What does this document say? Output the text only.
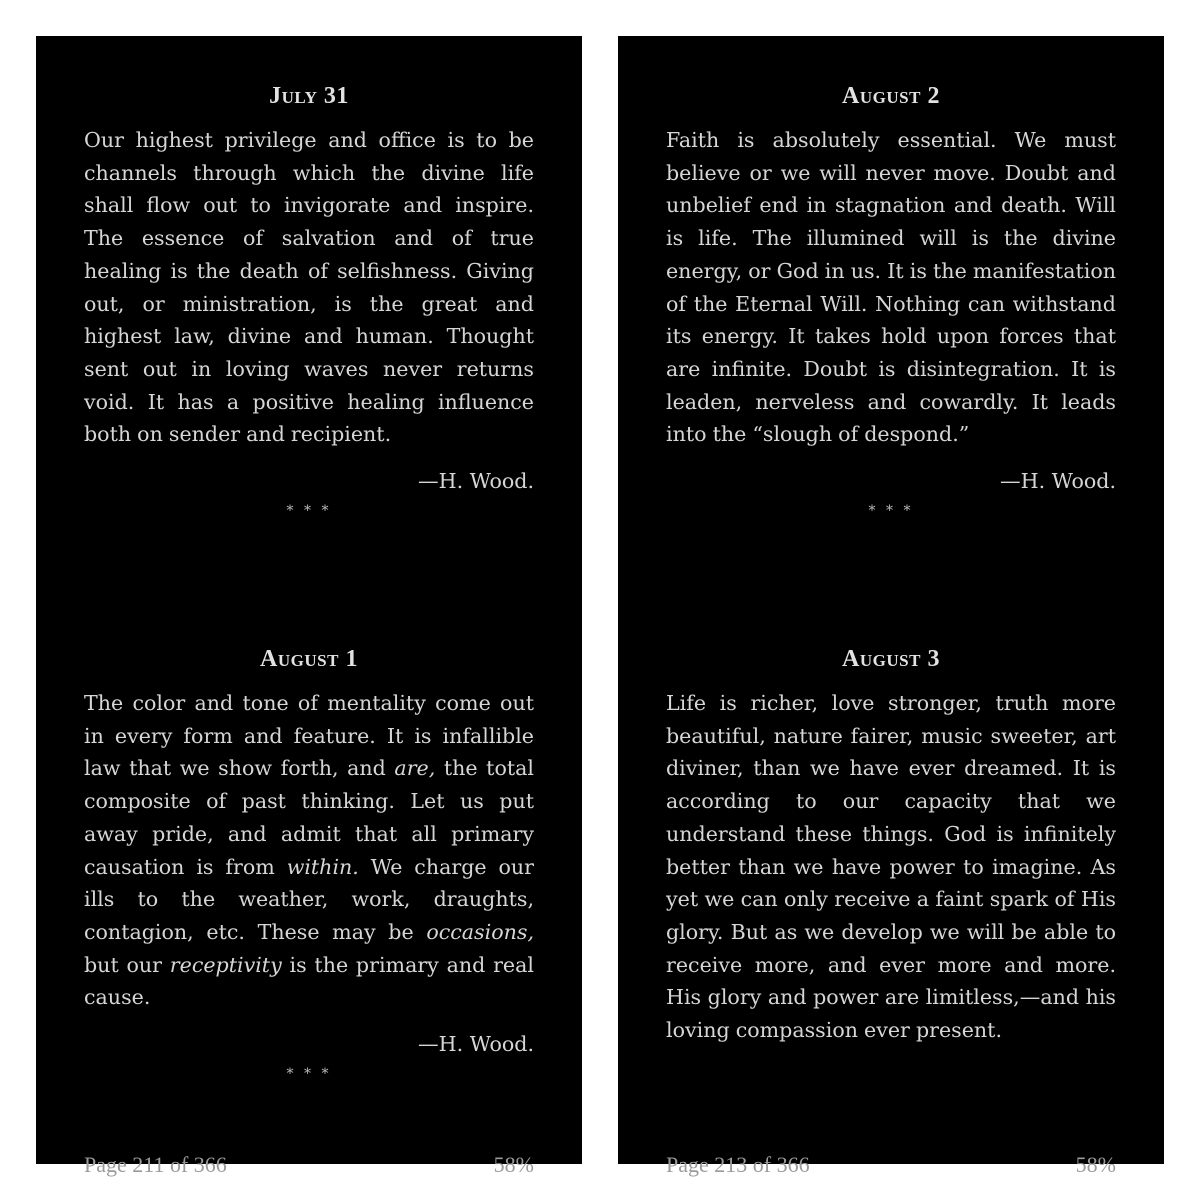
July 31

Our highest privilege and office is to be channels through which the divine life shall flow out to invigorate and inspire. The essence of salvation and of true healing is the death of selfishness. Giving out, or ministration, is the great and highest law, divine and human. Thought sent out in loving waves never returns void. It has a positive healing influence both on sender and recipient.

—H. Wood.
* * *
August 1

The color and tone of mentality come out in every form and feature. It is infallible law that we show forth, and are, the total composite of past thinking. Let us put away pride, and admit that all primary causation is from within. We charge our ills to the weather, work, draughts, contagion, etc. These may be occasions, but our receptivity is the primary and real cause.

—H. Wood.
* * *
Page 211 of 366	58%
August 2

Faith is absolutely essential. We must believe or we will never move. Doubt and unbelief end in stagnation and death. Will is life. The illumined will is the divine energy, or God in us. It is the manifestation of the Eternal Will. Nothing can withstand its energy. It takes hold upon forces that are infinite. Doubt is disintegration. It is leaden, nerveless and cowardly. It leads into the “slough of despond.”

—H. Wood.
* * *
August 3

Life is richer, love stronger, truth more beautiful, nature fairer, music sweeter, art diviner, than we have ever dreamed. It is according to our capacity that we understand these things. God is infinitely better than we have power to imagine. As yet we can only receive a faint spark of His glory. But as we develop we will be able to receive more, and ever more and more. His glory and power are limitless,—and his loving compassion ever present.

Page 213 of 366	58%
